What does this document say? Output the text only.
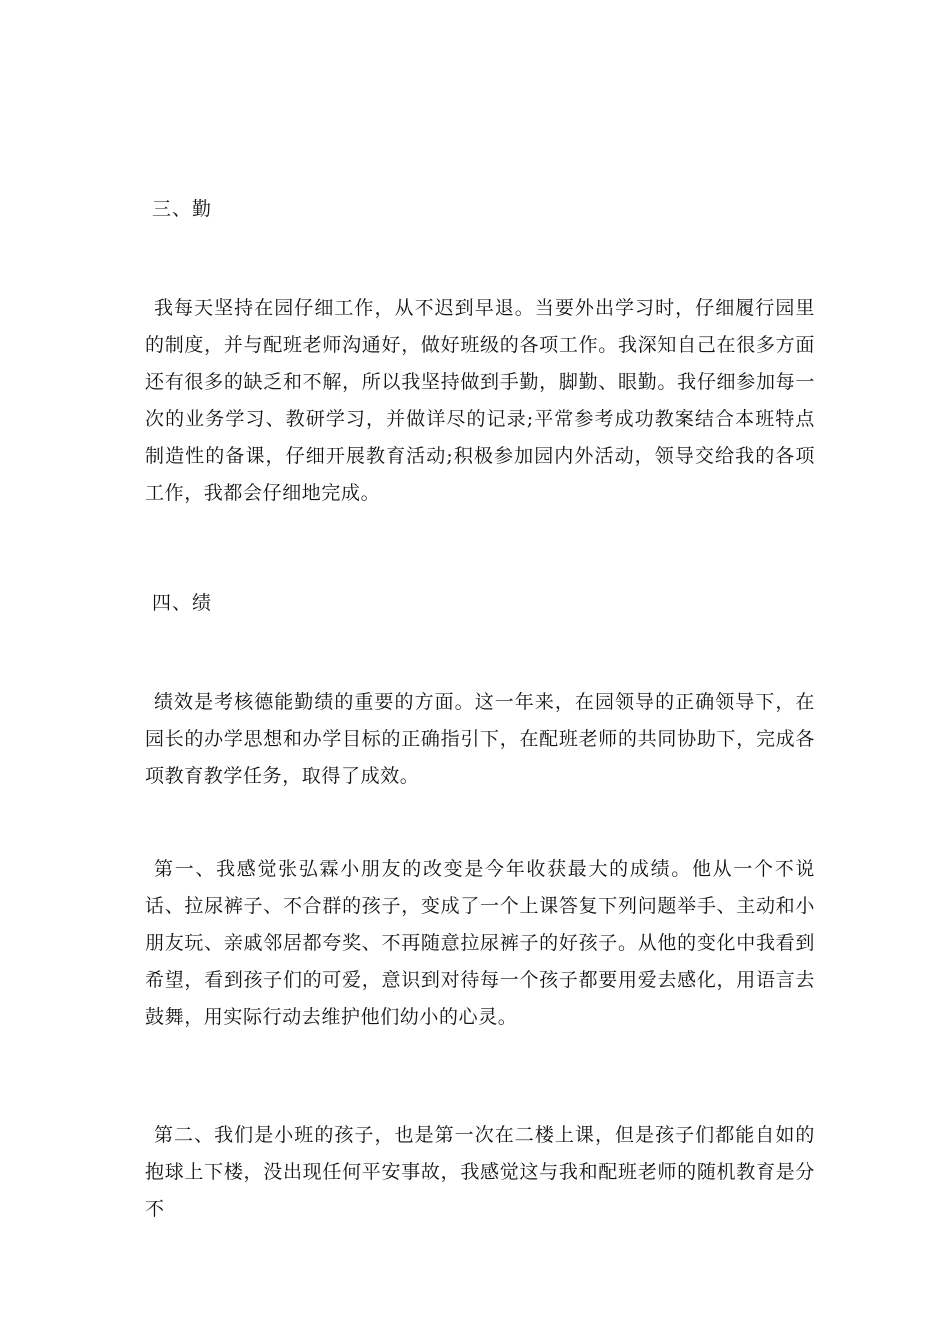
三、勤

我每天坚持在园仔细工作，从不迟到早退。当要外出学习时，仔细履行园里的制度，并与配班老师沟通好，做好班级的各项工作。我深知自己在很多方面还有很多的缺乏和不解，所以我坚持做到手勤，脚勤、眼勤。我仔细参加每一次的业务学习、教研学习，并做详尽的记录;平常参考成功教案结合本班特点制造性的备课，仔细开展教育活动;积极参加园内外活动，领导交给我的各项工作，我都会仔细地完成。

四、绩

绩效是考核德能勤绩的重要的方面。这一年来，在园领导的正确领导下，在园长的办学思想和办学目标的正确指引下，在配班老师的共同协助下，完成各项教育教学任务，取得了成效。

第一、我感觉张弘霖小朋友的改变是今年收获最大的成绩。他从一个不说话、拉尿裤子、不合群的孩子，变成了一个上课答复下列问题举手、主动和小朋友玩、亲戚邻居都夸奖、不再随意拉尿裤子的好孩子。从他的变化中我看到希望，看到孩子们的可爱，意识到对待每一个孩子都要用爱去感化，用语言去鼓舞，用实际行动去维护他们幼小的心灵。

第二、我们是小班的孩子，也是第一次在二楼上课，但是孩子们都能自如的抱球上下楼，没出现任何平安事故，我感觉这与我和配班老师的随机教育是分不
